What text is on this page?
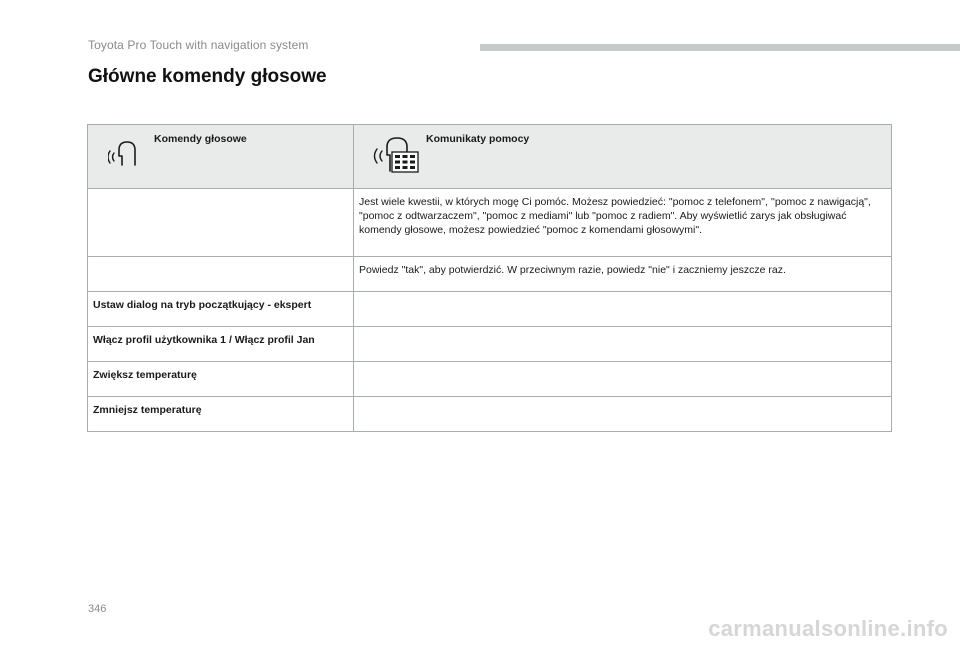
Toyota Pro Touch with navigation system
Główne komendy głosowe
Komendy głosowe	Komunikaty pomocy

	Jest wiele kwestii, w których mogę Ci pomóc. Możesz powiedzieć: "pomoc z telefonem", ''pomoc z nawigacją", "pomoc z odtwarzaczem", "pomoc z mediami" lub "pomoc z radiem". Aby wyświetlić zarys jak obsługiwać komendy głosowe, możesz powiedzieć "pomoc z komendami głosowymi".

	Powiedz "tak", aby potwierdzić. W przeciwnym razie, powiedz "nie" i zaczniemy jeszcze raz.

Ustaw dialog na tryb początkujący - ekspert	

Włącz profil użytkownika 1 / Włącz profil Jan	

Zwiększ temperaturę	

Zmniejsz temperaturę	

346
carmanualsonline.info
